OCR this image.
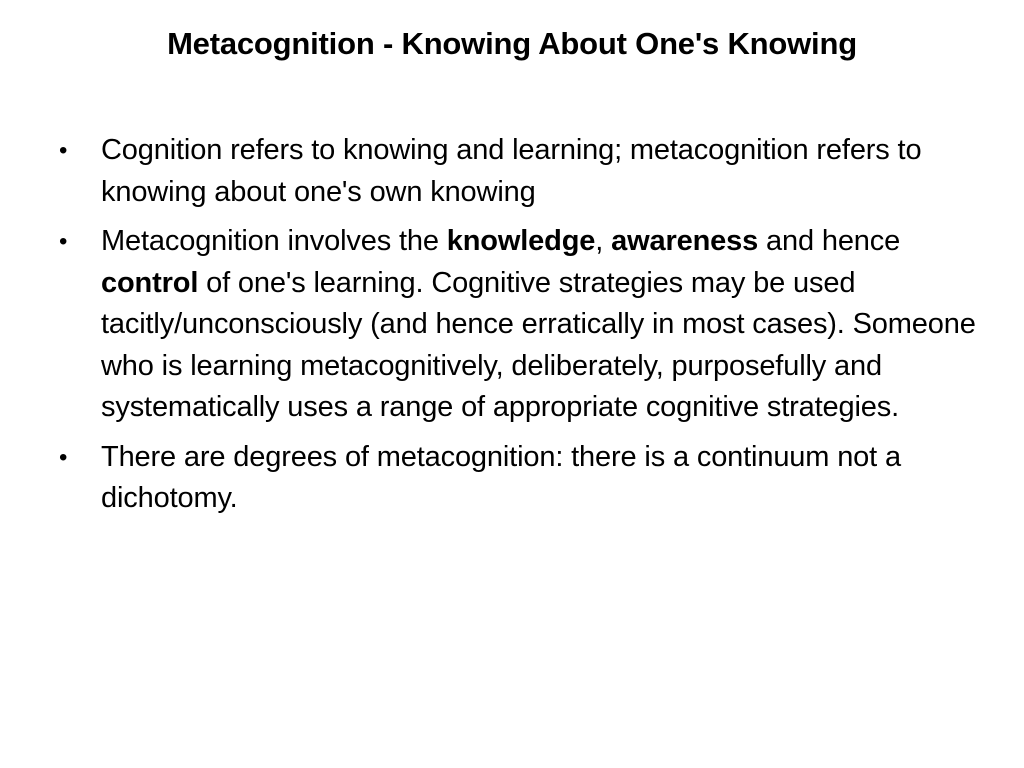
Metacognition - Knowing About One's Knowing
•	Cognition refers to knowing and learning; metacognition refers to knowing about one's own knowing
•	Metacognition involves the knowledge, awareness and hence control of one's learning. Cognitive strategies may be used tacitly/unconsciously (and hence erratically in most cases). Someone who is learning metacognitively, deliberately, purposefully and systematically uses a range of appropriate cognitive strategies.
•	There are degrees of metacognition: there is a continuum not a dichotomy.
